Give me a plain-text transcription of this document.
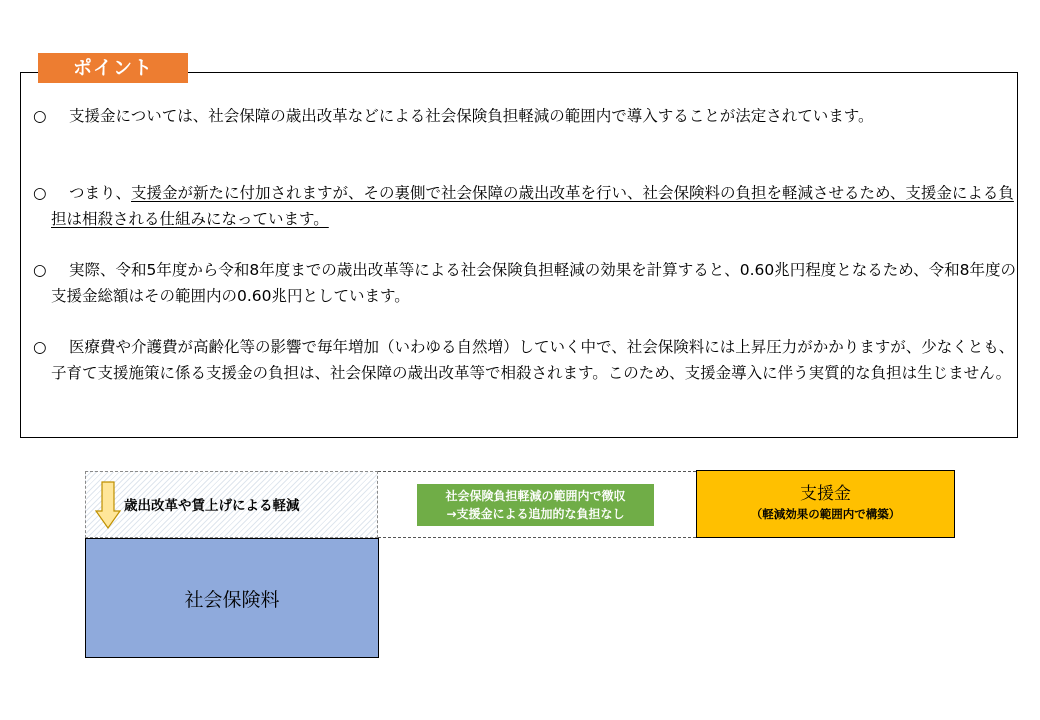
○ 支援金については、社会保障の歳出改革などによる社会保険負担軽減の範囲内で導入することが法定されています。

○ つまり、支援金が新たに付加されますが、その裏側で社会保障の歳出改革を行い、社会保険料の負担を軽減させるため、支援金による負担は相殺される仕組みになっています。

○ 実際、令和5年度から令和8年度までの歳出改革等による社会保険負担軽減の効果を計算すると、0.60兆円程度となるため、令和8年度の支援金総額はその範囲内の0.60兆円としています。

○ 医療費や介護費が高齢化等の影響で毎年増加（いわゆる自然増）していく中で、社会保険料には上昇圧力がかかりますが、少なくとも、子育て支援施策に係る支援金の負担は、社会保障の歳出改革等で相殺されます。このため、支援金導入に伴う実質的な負担は生じません。

ポイント
歳出改革や賃上げによる軽減
社会保険負担軽減の範囲内で徴収
→支援金による追加的な負担なし
支援金
（軽減効果の範囲内で構築）
社会保険料
